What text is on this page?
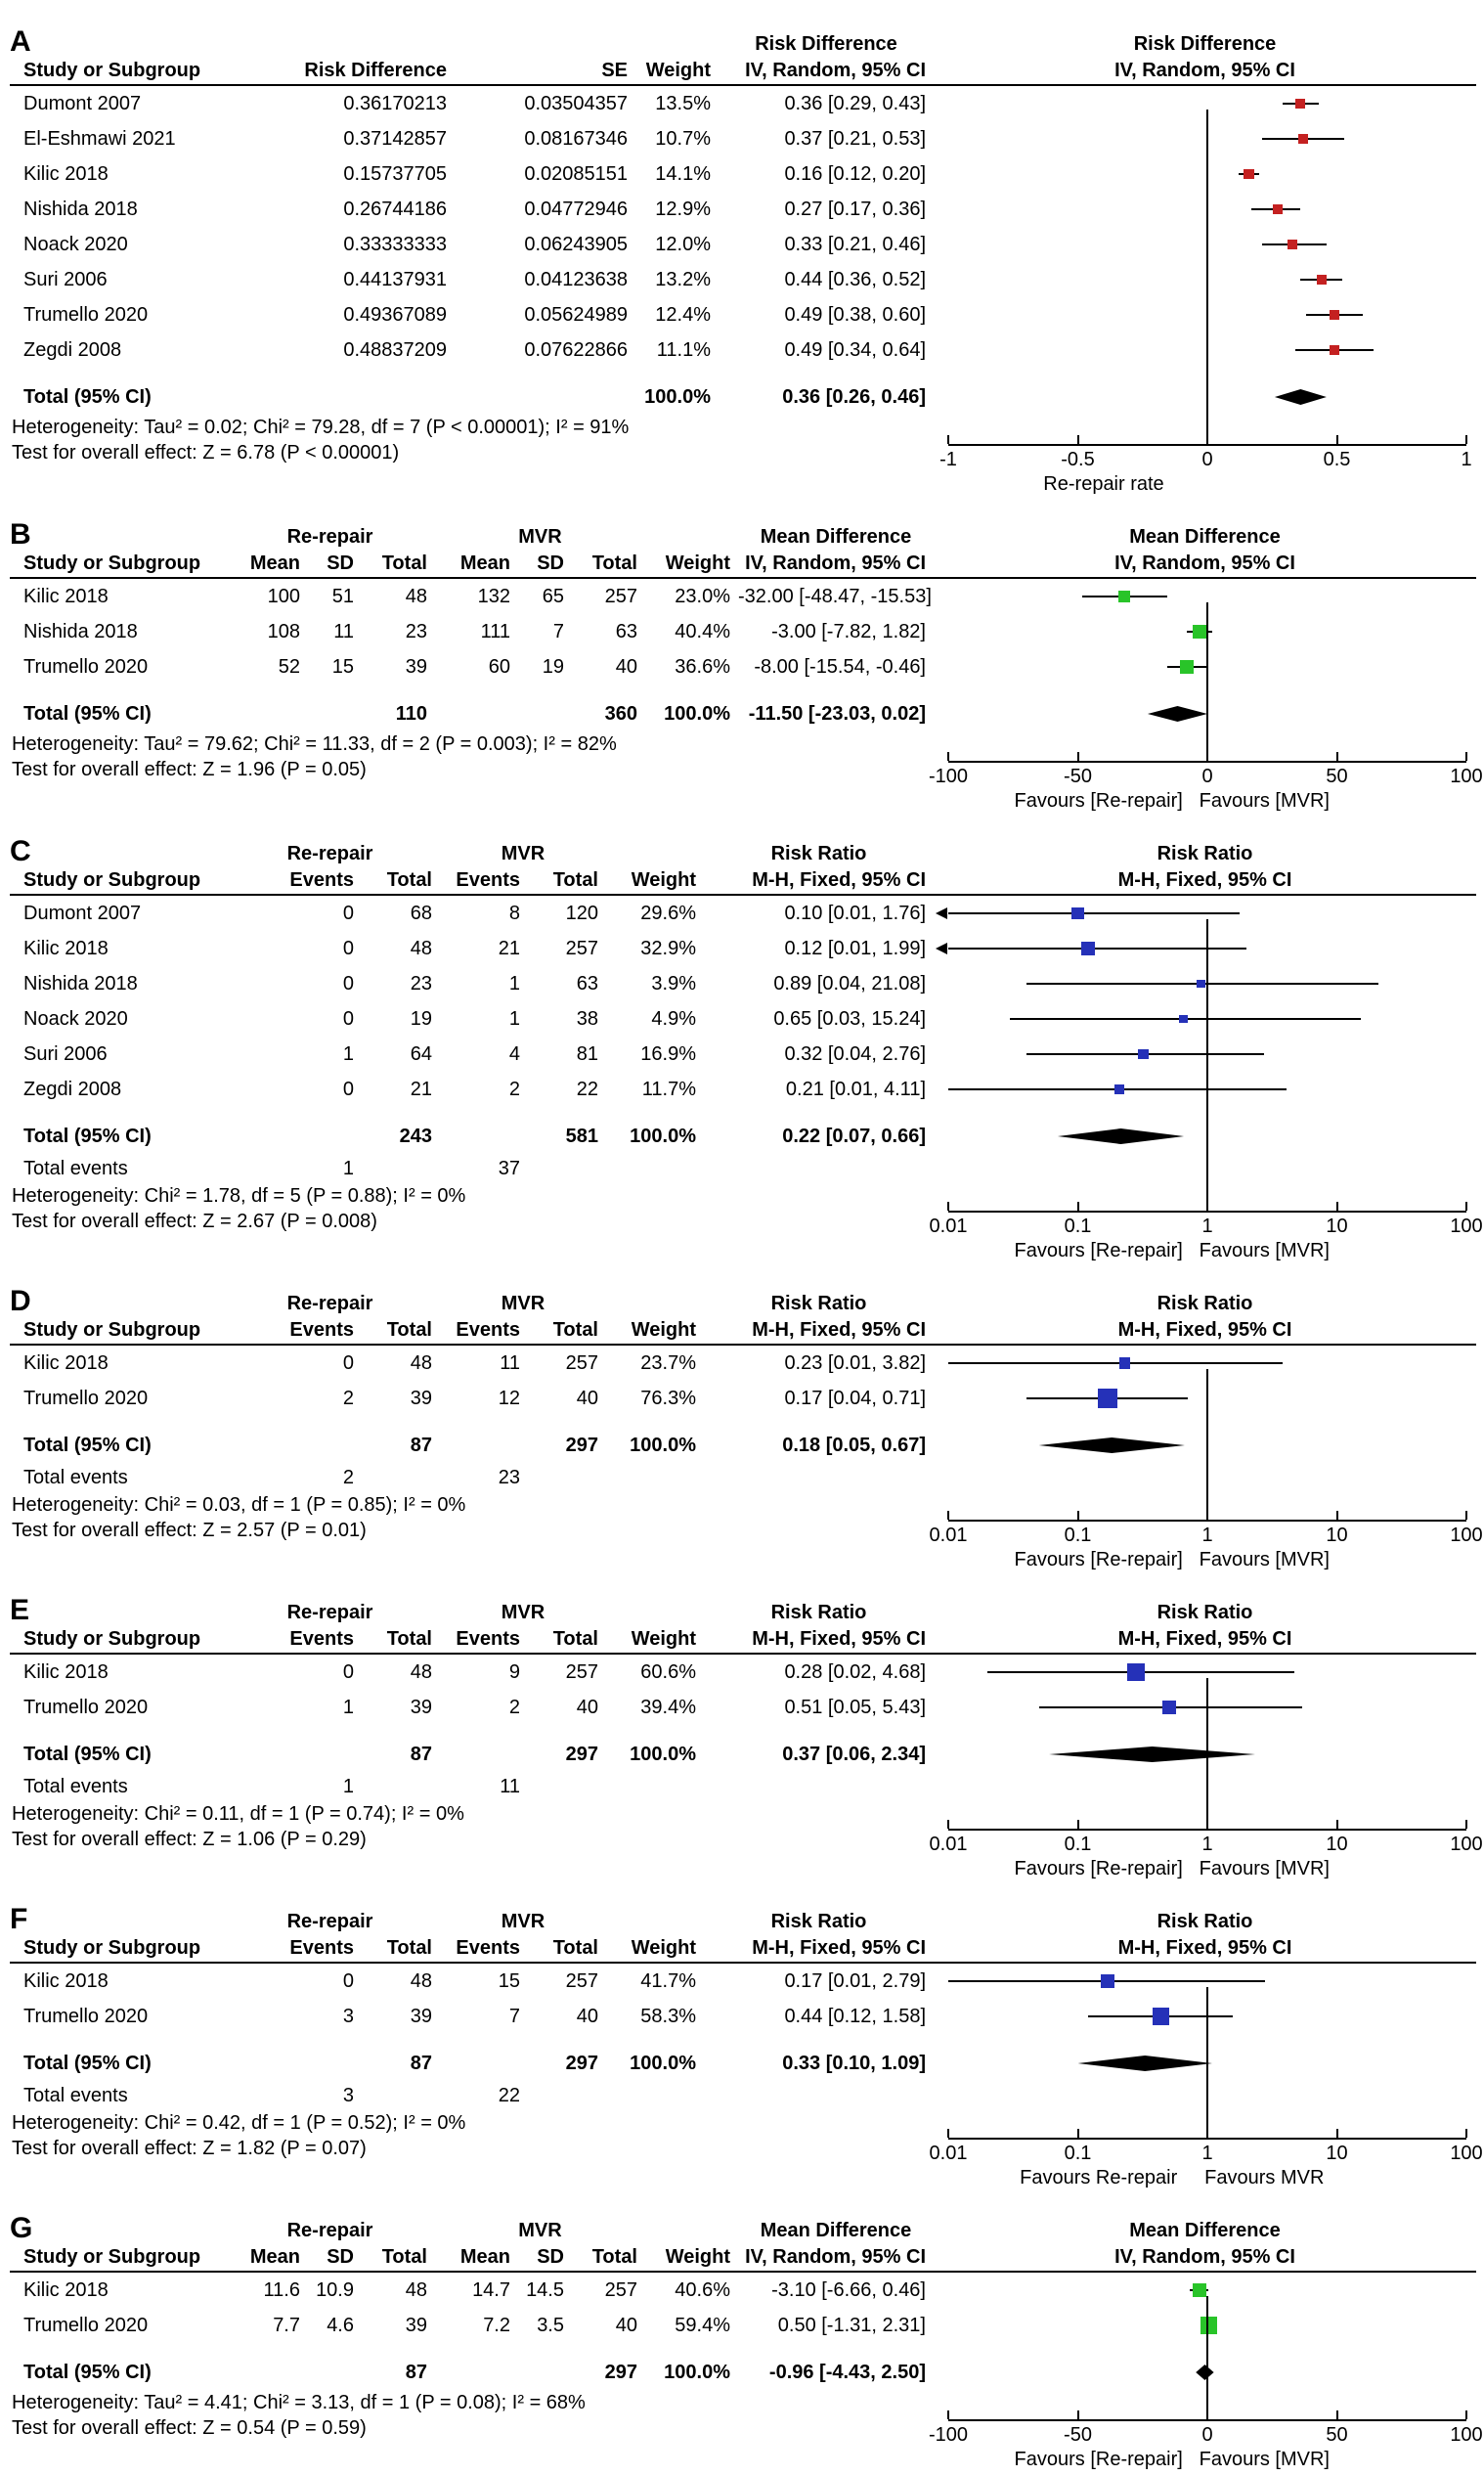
A	Risk Difference	Risk Difference
Study or Subgroup	Risk Difference	SE Weight	IV, Random, 95% CI	IV, Random, 95% CI
Dumont 2007	0.36170213	0.03504357	13.5%	0.36 [0.29, 0.43]
El-Eshmawi 2021	0.37142857	0.08167346	10.7%	0.37 [0.21, 0.53]
Kilic 2018	0.15737705	0.02085151	14.1%	0.16 [0.12, 0.20]
Nishida 2018	0.26744186	0.04772946	12.9%	0.27 [0.17, 0.36]
Noack 2020	0.33333333	0.06243905	12.0%	0.33 [0.21, 0.46]
Suri 2006	0.44137931	0.04123638	13.2%	0.44 [0.36, 0.52]
Trumello 2020	0.49367089	0.05624989	12.4%	0.49 [0.38, 0.60]
Zegdi 2008	0.48837209	0.07622866	11.1%	0.49 [0.34, 0.64]
Total (95% CI)	100.0%	0.36 [0.26, 0.46]
Heterogeneity: Tau² = 0.02; Chi² = 79.28, df = 7 (P < 0.00001); I² = 91%
Test for overall effect: Z = 6.78 (P < 0.00001)	-1	-0.5	0	0.5	1
Re-repair rate
B	Re-repair	MVR	Mean Difference	Mean Difference
Study or Subgroup	Mean	SD	Total	Mean	SD	Total	Weight IV, Random, 95% CI	IV, Random, 95% CI
Kilic 2018	100	51	48	132	65	257	23.0% -32.00 [-48.47, -15.53]
Nishida 2018	108	11	23	111	7	63	40.4%	-3.00 [-7.82, 1.82]
Trumello 2020	52	15	39	60	19	40	36.6%	-8.00 [-15.54, -0.46]
Total (95% CI)	110	360	100.0% -11.50 [-23.03, 0.02]
Heterogeneity: Tau² = 79.62; Chi² = 11.33, df = 2 (P = 0.003); I² = 82%
Test for overall effect: Z = 1.96 (P = 0.05)	-100	-50	0	50	100
Favours [Re-repair] Favours [MVR]
C	Re-repair	MVR	Risk Ratio	Risk Ratio
Study or Subgroup	Events	Total	Events	Total	Weight	M-H, Fixed, 95% CI	M-H, Fixed, 95% CI
Dumont 2007	0	68	8	120	29.6%	0.10 [0.01, 1.76]
Kilic 2018	0	48	21	257	32.9%	0.12 [0.01, 1.99]
Nishida 2018	0	23	1	63	3.9%	0.89 [0.04, 21.08]
Noack 2020	0	19	1	38	4.9%	0.65 [0.03, 15.24]
Suri 2006	1	64	4	81	16.9%	0.32 [0.04, 2.76]
Zegdi 2008	0	21	2	22	11.7%	0.21 [0.01, 4.11]
Total (95% CI)	243	581	100.0%	0.22 [0.07, 0.66]
Total events	1	37
Heterogeneity: Chi² = 1.78, df = 5 (P = 0.88); I² = 0%
Test for overall effect: Z = 2.67 (P = 0.008)	0.01	0.1	1	10	100
Favours [Re-repair] Favours [MVR]
D	Re-repair	MVR	Risk Ratio	Risk Ratio
Study or Subgroup	Events	Total	Events	Total	Weight	M-H, Fixed, 95% CI	M-H, Fixed, 95% CI
Kilic 2018	0	48	11	257	23.7%	0.23 [0.01, 3.82]
Trumello 2020	2	39	12	40	76.3%	0.17 [0.04, 0.71]
Total (95% CI)	87	297	100.0%	0.18 [0.05, 0.67]
Total events	2	23
Heterogeneity: Chi² = 0.03, df = 1 (P = 0.85); I² = 0%
Test for overall effect: Z = 2.57 (P = 0.01)	0.01	0.1	1	10	100
Favours [Re-repair] Favours [MVR]
E	Re-repair	MVR	Risk Ratio	Risk Ratio
Study or Subgroup	Events	Total	Events	Total	Weight	M-H, Fixed, 95% CI	M-H, Fixed, 95% CI
Kilic 2018	0	48	9	257	60.6%	0.28 [0.02, 4.68]
Trumello 2020	1	39	2	40	39.4%	0.51 [0.05, 5.43]
Total (95% CI)	87	297	100.0%	0.37 [0.06, 2.34]
Total events	1	11
Heterogeneity: Chi² = 0.11, df = 1 (P = 0.74); I² = 0%
Test for overall effect: Z = 1.06 (P = 0.29)	0.01	0.1	1	10	100
Favours [Re-repair] Favours [MVR]
F	Re-repair	MVR	Risk Ratio	Risk Ratio
Study or Subgroup	Events	Total	Events	Total	Weight	M-H, Fixed, 95% CI	M-H, Fixed, 95% CI
Kilic 2018	0	48	15	257	41.7%	0.17 [0.01, 2.79]
Trumello 2020	3	39	7	40	58.3%	0.44 [0.12, 1.58]
Total (95% CI)	87	297	100.0%	0.33 [0.10, 1.09]
Total events	3	22
Heterogeneity: Chi² = 0.42, df = 1 (P = 0.52); I² = 0%
Test for overall effect: Z = 1.82 (P = 0.07)	0.01	0.1	1	10	100
Favours Re-repair Favours MVR
G	Re-repair	MVR	Mean Difference	Mean Difference
Study or Subgroup	Mean	SD	Total	Mean	SD	Total	Weight IV, Random, 95% CI	IV, Random, 95% CI
Kilic 2018	11.6 10.9	48	14.7 14.5	257	40.6%	-3.10 [-6.66, 0.46]
Trumello 2020	7.7	4.6	39	7.2	3.5	40	59.4%	0.50 [-1.31, 2.31]
Total (95% CI)	87	297	100.0%	-0.96 [-4.43, 2.50]
Heterogeneity: Tau² = 4.41; Chi² = 3.13, df = 1 (P = 0.08); I² = 68%
Test for overall effect: Z = 0.54 (P = 0.59)	-100	-50	0	50	100
Favours [Re-repair] Favours [MVR]
